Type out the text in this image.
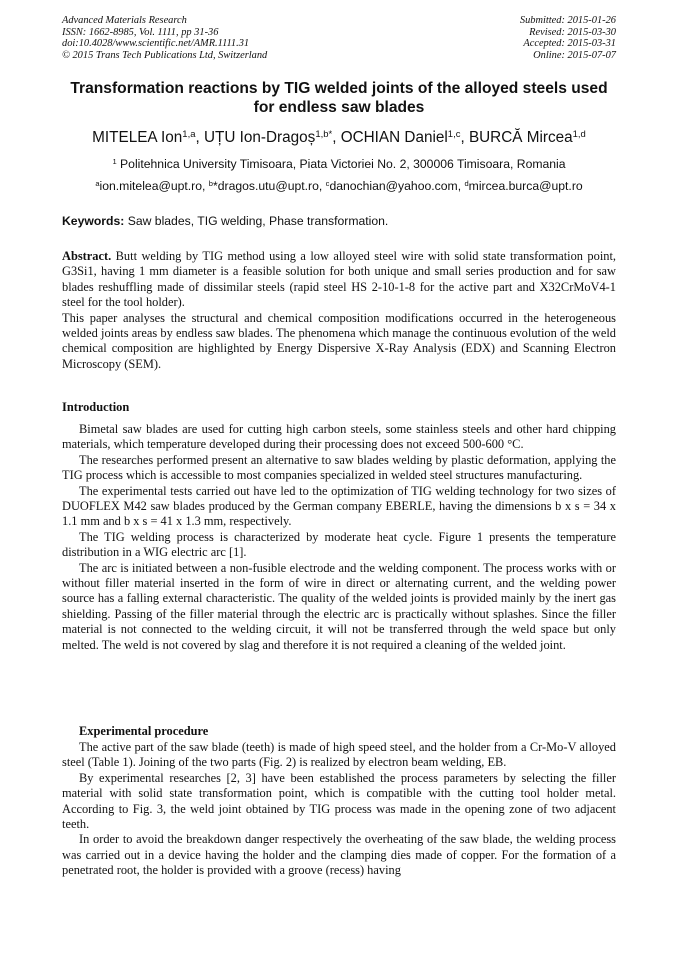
Advanced Materials Research
ISSN: 1662-8985, Vol. 1111, pp 31-36
doi:10.4028/www.scientific.net/AMR.1111.31
© 2015 Trans Tech Publications Ltd, Switzerland
Submitted: 2015-01-26
Revised: 2015-03-30
Accepted: 2015-03-31
Online: 2015-07-07
Transformation reactions by TIG welded joints of the alloyed steels used for endless saw blades
MITELEA Ion$^{1,a}$, UȚU Ion-Dragoș$^{1,b*}$, OCHIAN Daniel$^{1,c}$, BURCĂ Mircea$^{1,d}$
$^1$ Politehnica University Timisoara, Piata Victoriei No. 2, 300006 Timisoara, Romania
$^a$ion.mitelea@upt.ro, $^b$*dragos.utu@upt.ro, $^c$danochian@yahoo.com, $^d$mircea.burca@upt.ro
Keywords: Saw blades, TIG welding, Phase transformation.

Abstract. Butt welding by TIG method using a low alloyed steel wire with solid state transformation point, G3Si1, having 1 mm diameter is a feasible solution for both unique and small series production and for saw blades reshuffling made of dissimilar steels (rapid steel HS 2-10-1-8 for the active part and X32CrMoV4-1 steel for the tool holder).

This paper analyses the structural and chemical composition modifications occurred in the heterogeneous welded joints areas by endless saw blades. The phenomena which manage the continuous evolution of the weld chemical composition are highlighted by Energy Dispersive X-Ray Analysis (EDX) and Scanning Electron Microscopy (SEM).

Introduction

Bimetal saw blades are used for cutting high carbon steels, some stainless steels and other hard chipping materials, which temperature developed during their processing does not exceed 500-600 °C.

The researches performed present an alternative to saw blades welding by plastic deformation, applying the TIG process which is accessible to most companies specialized in welded steel structures manufacturing.

The experimental tests carried out have led to the optimization of TIG welding technology for two sizes of DUOFLEX M42 saw blades produced by the German company EBERLE, having the dimensions b x s = 34 x 1.1 mm and b x s = 41 x 1.3 mm, respectively.

The TIG welding process is characterized by moderate heat cycle. Figure 1 presents the temperature distribution in a WIG electric arc [1].

The arc is initiated between a non-fusible electrode and the welding component. The process works with or without filler material inserted in the form of wire in direct or alternating current, and the welding power source has a falling external characteristic. The quality of the welded joints is provided mainly by the inert gas shielding. Passing of the filler material through the electric arc is practically without splashes. Since the filler material is not connected to the welding circuit, it will not be transferred through the weld space but only melted. The weld is not covered by slag and therefore it is not required a cleaning of the welded joint.

Experimental procedure

The active part of the saw blade (teeth) is made of high speed steel, and the holder from a Cr-Mo-V alloyed steel (Table 1). Joining of the two parts (Fig. 2) is realized by electron beam welding, EB.

By experimental researches [2, 3] have been established the process parameters by selecting the filler material with solid state transformation point, which is compatible with the cutting tool holder metal. According to Fig. 3, the weld joint obtained by TIG process was made in the opening zone of two adjacent teeth.

In order to avoid the breakdown danger respectively the overheating of the saw blade, the welding process was carried out in a device having the holder and the clamping dies made of copper. For the formation of a penetrated root, the holder is provided with a groove (recess) having
